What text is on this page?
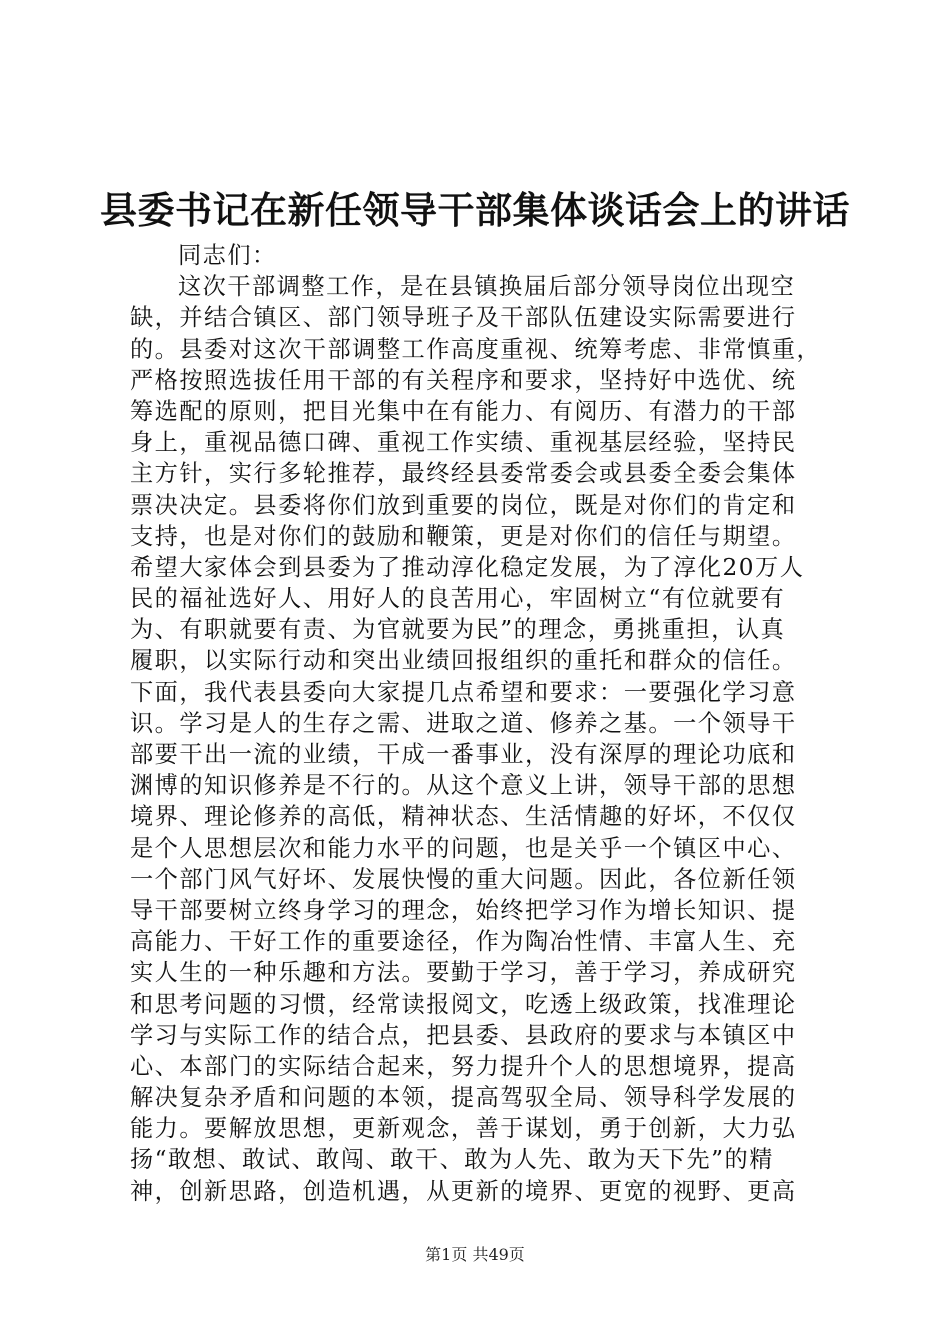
县委书记在新任领导干部集体谈话会上的讲话
同志们：
这次干部调整工作，是在县镇换届后部分领导岗位出现空
缺，并结合镇区、部门领导班子及干部队伍建设实际需要进行
的。县委对这次干部调整工作高度重视、统筹考虑、非常慎重，
严格按照选拔任用干部的有关程序和要求，坚持好中选优、统
筹选配的原则，把目光集中在有能力、有阅历、有潜力的干部
身上，重视品德口碑、重视工作实绩、重视基层经验，坚持民
主方针，实行多轮推荐，最终经县委常委会或县委全委会集体
票决决定。县委将你们放到重要的岗位，既是对你们的肯定和
支持，也是对你们的鼓励和鞭策，更是对你们的信任与期望。
希望大家体会到县委为了推动淳化稳定发展，为了淳化20万人
民的福祉选好人、用好人的良苦用心，牢固树立“有位就要有
为、有职就要有责、为官就要为民”的理念，勇挑重担，认真
履职，以实际行动和突出业绩回报组织的重托和群众的信任。
下面，我代表县委向大家提几点希望和要求：一要强化学习意
识。学习是人的生存之需、进取之道、修养之基。一个领导干
部要干出一流的业绩，干成一番事业，没有深厚的理论功底和
渊博的知识修养是不行的。从这个意义上讲，领导干部的思想
境界、理论修养的高低，精神状态、生活情趣的好坏，不仅仅
是个人思想层次和能力水平的问题，也是关乎一个镇区中心、
一个部门风气好坏、发展快慢的重大问题。因此，各位新任领
导干部要树立终身学习的理念，始终把学习作为增长知识、提
高能力、干好工作的重要途径，作为陶冶性情、丰富人生、充
实人生的一种乐趣和方法。要勤于学习，善于学习，养成研究
和思考问题的习惯，经常读报阅文，吃透上级政策，找准理论
学习与实际工作的结合点，把县委、县政府的要求与本镇区中
心、本部门的实际结合起来，努力提升个人的思想境界，提高
解决复杂矛盾和问题的本领，提高驾驭全局、领导科学发展的
能力。要解放思想，更新观念，善于谋划，勇于创新，大力弘
扬“敢想、敢试、敢闯、敢干、敢为人先、敢为天下先”的精
神，创新思路，创造机遇，从更新的境界、更宽的视野、更高
第1页 共49页
